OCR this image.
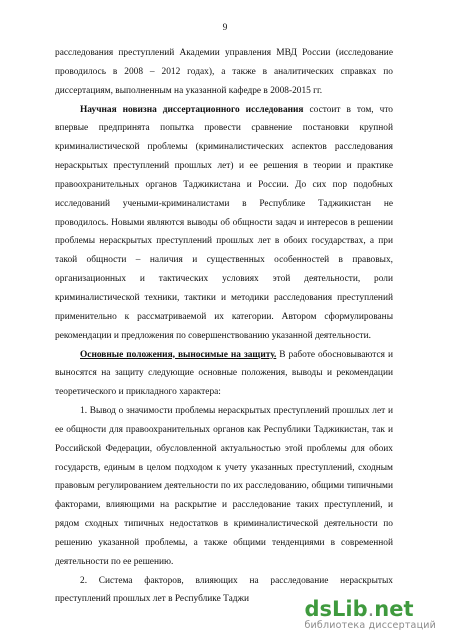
9

расследования преступлений Академии управления МВД России (исследование проводилось в 2008 – 2012 годах), а также в аналитических справках по диссертациям, выполненным на указанной кафедре в 2008-2015 гг.

Научная новизна диссертационного исследования состоит в том, что впервые предпринята попытка провести сравнение постановки крупной криминалистической проблемы (криминалистических аспектов расследования нераскрытых преступлений прошлых лет) и ее решения в теории и практике правоохранительных органов Таджикистана и России. До сих пор подобных исследований учеными-криминалистами в Республике Таджикистан не проводилось. Новыми являются выводы об общности задач и интересов в решении проблемы нераскрытых преступлений прошлых лет в обоих государствах, а при такой общности – наличия и существенных особенностей в правовых, организационных и тактических условиях этой деятельности, роли криминалистической техники, тактики и методики расследования преступлений применительно к рассматриваемой их категории. Автором сформулированы рекомендации и предложения по совершенствованию указанной деятельности.

Основные положения, выносимые на защиту. В работе обосновываются и выносятся на защиту следующие основные положения, выводы и рекомендации теоретического и прикладного характера:

1. Вывод о значимости проблемы нераскрытых преступлений прошлых лет и ее общности для правоохранительных органов как Республики Таджикистан, так и Российской Федерации, обусловленной актуальностью этой проблемы для обоих государств, единым в целом подходом к учету указанных преступлений, сходным правовым регулированием деятельности по их расследованию, общими типичными факторами, влияющими на раскрытие и расследование таких преступлений, и рядом сходных типичных недостатков в криминалистической деятельности по решению указанной проблемы, а также общими тенденциями в современной деятельности по ее решению.

2. Система факторов, влияющих на расследование нераскрытых преступлений прошлых лет в Республике Таджи	dsLib.net
библиотека диссертаций
